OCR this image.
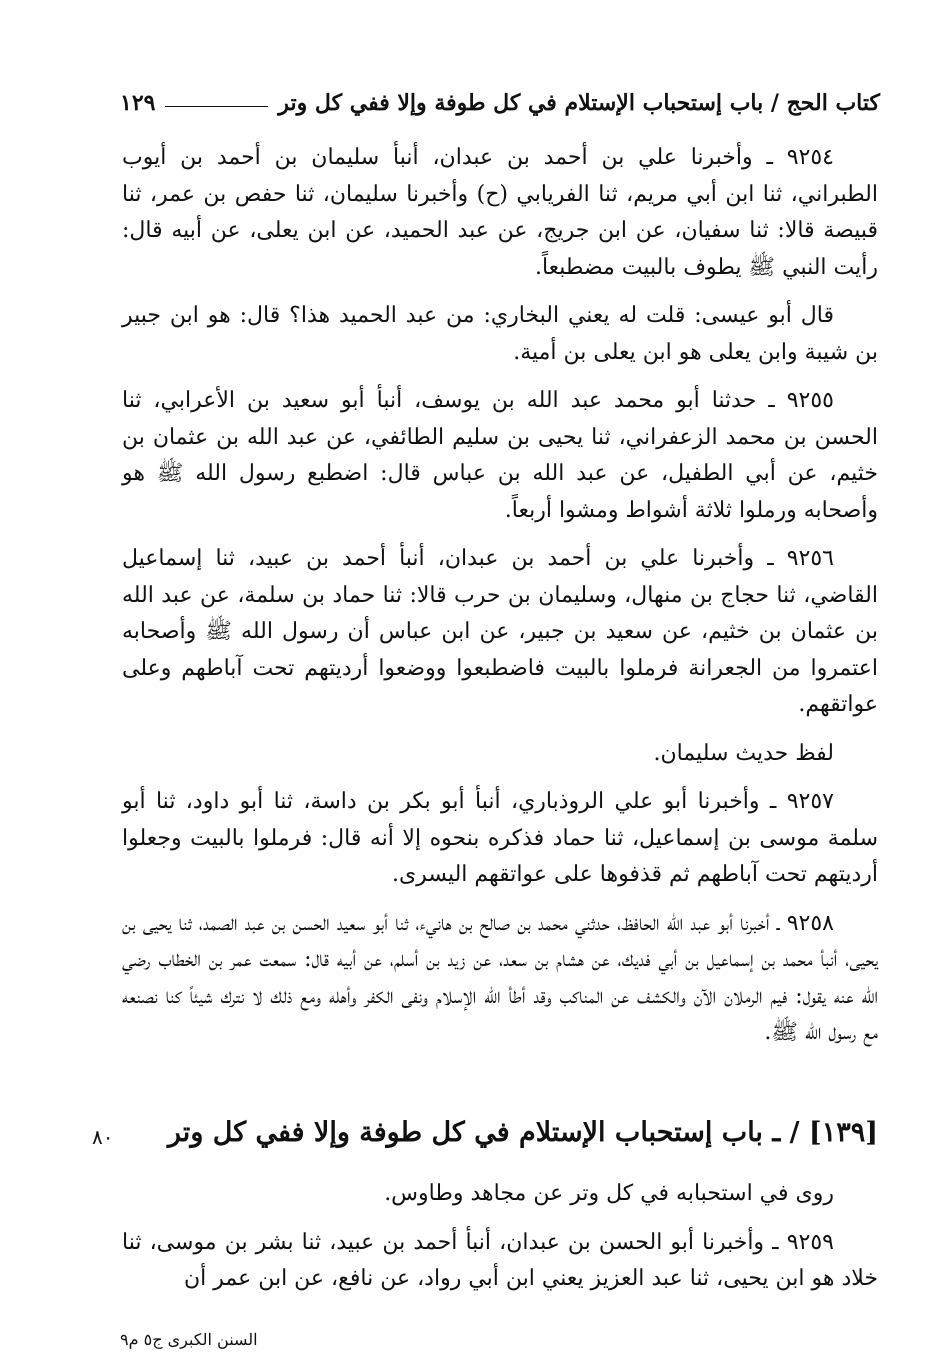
كتاب الحج / باب إستحباب الإستلام في كل طوفة وإلا ففي كل وتر
١٢٩

٩٢٥٤ ـ وأخبرنا علي بن أحمد بن عبدان، أنبأ سليمان بن أحمد بن أيوب الطبراني، ثنا ابن أبي مريم، ثنا الفريابي (ح) وأخبرنا سليمان، ثنا حفص بن عمر، ثنا قبيصة قالا: ثنا سفيان، عن ابن جريج، عن عبد الحميد، عن ابن يعلى، عن أبيه قال: رأيت النبي ﷺ يطوف بالبيت مضطبعاً.

قال أبو عيسى: قلت له يعني البخاري: من عبد الحميد هذا؟ قال: هو ابن جبير بن شيبة وابن يعلى هو ابن يعلى بن أمية.

٩٢٥٥ ـ حدثنا أبو محمد عبد الله بن يوسف، أنبأ أبو سعيد بن الأعرابي، ثنا الحسن بن محمد الزعفراني، ثنا يحيى بن سليم الطائفي، عن عبد الله بن عثمان بن خثيم، عن أبي الطفيل، عن عبد الله بن عباس قال: اضطبع رسول الله ﷺ هو وأصحابه ورملوا ثلاثة أشواط ومشوا أربعاً.

٩٢٥٦ ـ وأخبرنا علي بن أحمد بن عبدان، أنبأ أحمد بن عبيد، ثنا إسماعيل القاضي، ثنا حجاج بن منهال، وسليمان بن حرب قالا: ثنا حماد بن سلمة، عن عبد الله بن عثمان بن خثيم، عن سعيد بن جبير، عن ابن عباس أن رسول الله ﷺ وأصحابه اعتمروا من الجعرانة فرملوا بالبيت فاضطبعوا ووضعوا أرديتهم تحت آباطهم وعلى عواتقهم.

لفظ حديث سليمان.

٩٢٥٧ ـ وأخبرنا أبو علي الروذباري، أنبأ أبو بكر بن داسة، ثنا أبو داود، ثنا أبو سلمة موسى بن إسماعيل، ثنا حماد فذكره بنحوه إلا أنه قال: فرملوا بالبيت وجعلوا أرديتهم تحت آباطهم ثم قذفوها على عواتقهم اليسرى.

٩٢٥٨ ـ أخبرنا أبو عبد الله الحافظ، حدثني محمد بن صالح بن هانيء، ثنا أبو سعيد الحسن بن عبد الصمد، ثنا يحيى بن يحيى، أنبأ محمد بن إسماعيل بن أبي فديك، عن هشام بن سعد، عن زيد بن أسلم، عن أبيه قال: سمعت عمر بن الخطاب رضي الله عنه يقول: فيم الرملان الآن والكشف عن المناكب وقد أطأ الله الإسلام ونفى الكفر وأهله ومع ذلك لا نترك شيئاً كنا نصنعه مع رسول الله ﷺ.

[١٣٩] / ـ باب إستحباب الإستلام في كل طوفة وإلا ففي كل وتر
٨٠

روى في استحبابه في كل وتر عن مجاهد وطاوس.

٩٢٥٩ ـ وأخبرنا أبو الحسن بن عبدان، أنبأ أحمد بن عبيد، ثنا بشر بن موسى، ثنا خلاد هو ابن يحيى، ثنا عبد العزيز يعني ابن أبي رواد، عن نافع، عن ابن عمر أن

السنن الكبرى ج٥ م٩
